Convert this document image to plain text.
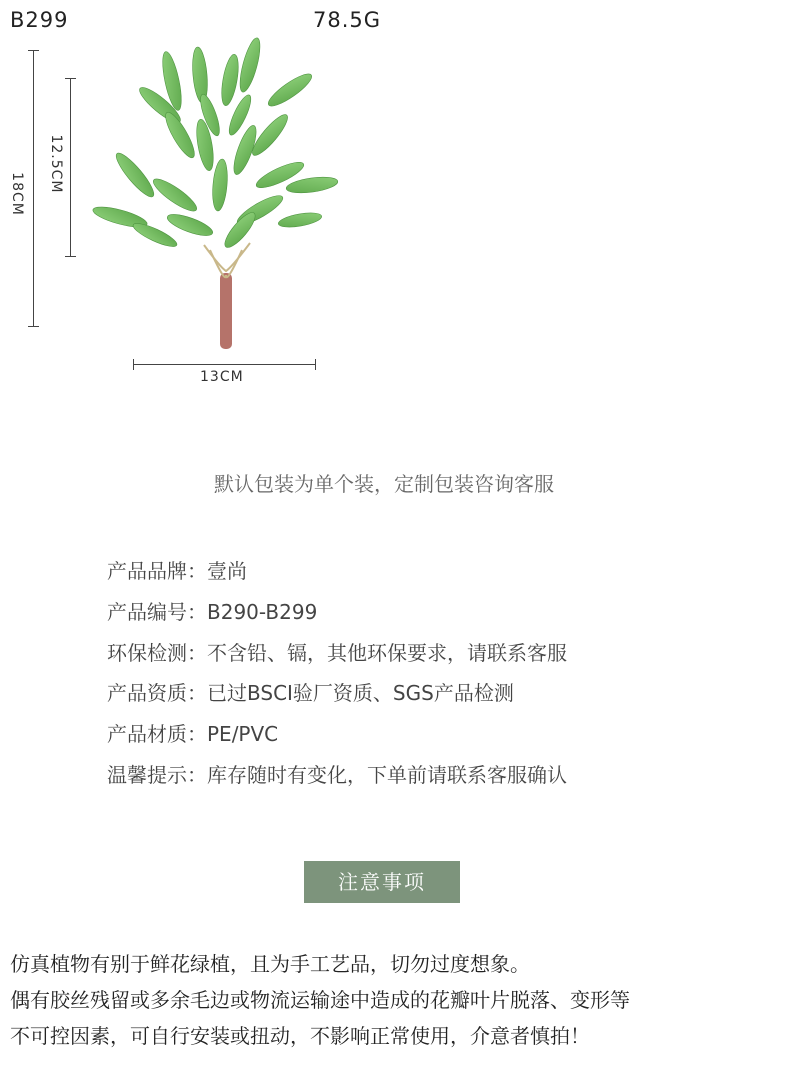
B299	78.5G
18CM
12.5CM
13CM
默认包装为单个装，定制包装咨询客服
产品品牌：壹尚
产品编号：B290-B299
环保检测：不含铅、镉，其他环保要求，请联系客服
产品资质：已过BSCI验厂资质、SGS产品检测
产品材质：PE/PVC
温馨提示：库存随时有变化，下单前请联系客服确认
注意事项
仿真植物有别于鲜花绿植，且为手工艺品，切勿过度想象。
偶有胶丝残留或多余毛边或物流运输途中造成的花瓣叶片脱落、变形等
不可控因素，可自行安装或扭动，不影响正常使用，介意者慎拍！
